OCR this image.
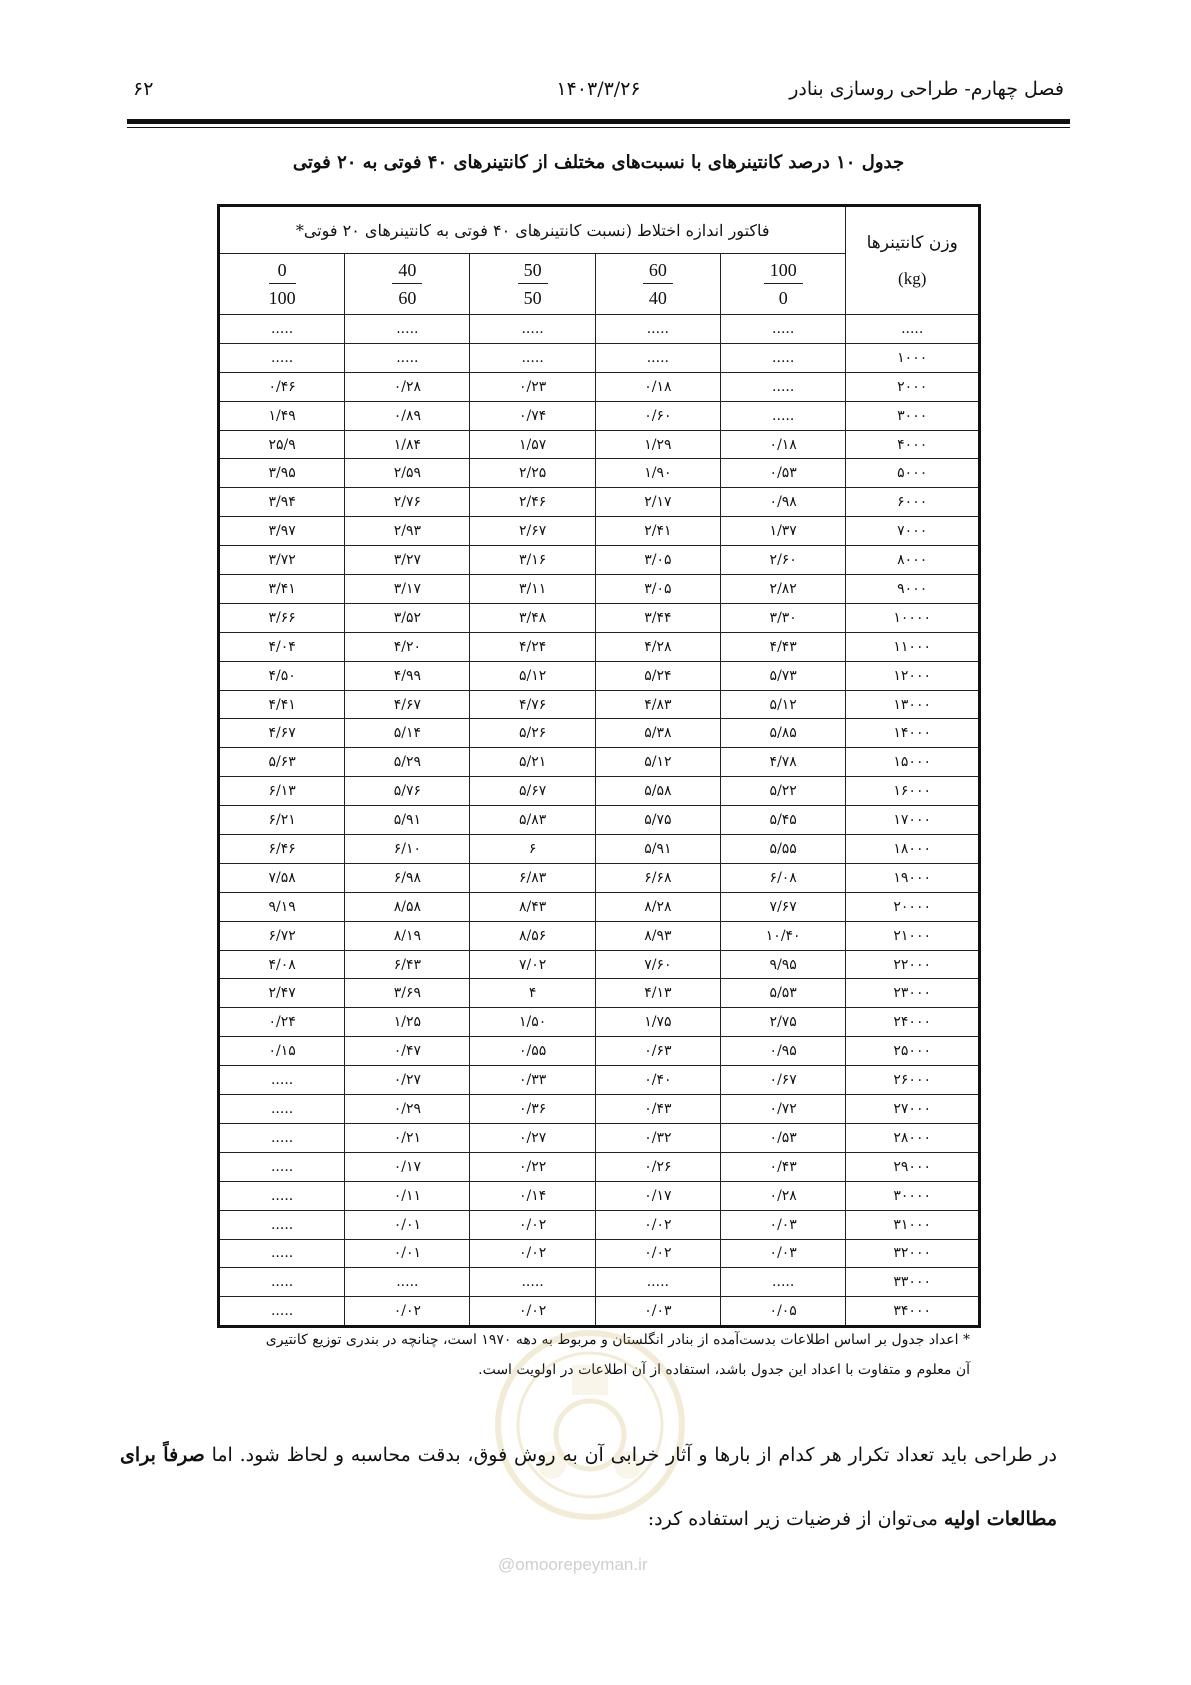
۶۲	۱۴۰۳/۳/۲۶	فصل چهارم- طراحی روسازی بنادر
جدول ۱۰ درصد کانتینرهای با نسبت‌های مختلف از کانتینرهای ۴۰ فوتی به ۲۰ فوتی
وزن کانتینرها
(kg)	فاکتور اندازه اختلاط (نسبت کانتینرهای ۴۰ فوتی به کانتینرهای ۲۰ فوتی*				

	$\frac{100}{0}$	$\frac{60}{40}$	$\frac{50}{50}$	$\frac{40}{60}$	$\frac{0}{100}$

.....	.....	.....	.....	.....	.....
۱۰۰۰	.....	.....	.....	.....	.....
۲۰۰۰	.....	۰/۱۸	۰/۲۳	۰/۲۸	۰/۴۶
۳۰۰۰	.....	۰/۶۰	۰/۷۴	۰/۸۹	۱/۴۹
۴۰۰۰	۰/۱۸	۱/۲۹	۱/۵۷	۱/۸۴	۲۵/۹
۵۰۰۰	۰/۵۳	۱/۹۰	۲/۲۵	۲/۵۹	۳/۹۵
۶۰۰۰	۰/۹۸	۲/۱۷	۲/۴۶	۲/۷۶	۳/۹۴
۷۰۰۰	۱/۳۷	۲/۴۱	۲/۶۷	۲/۹۳	۳/۹۷
۸۰۰۰	۲/۶۰	۳/۰۵	۳/۱۶	۳/۲۷	۳/۷۲
۹۰۰۰	۲/۸۲	۳/۰۵	۳/۱۱	۳/۱۷	۳/۴۱
۱۰۰۰۰	۳/۳۰	۳/۴۴	۳/۴۸	۳/۵۲	۳/۶۶
۱۱۰۰۰	۴/۴۳	۴/۲۸	۴/۲۴	۴/۲۰	۴/۰۴
۱۲۰۰۰	۵/۷۳	۵/۲۴	۵/۱۲	۴/۹۹	۴/۵۰
۱۳۰۰۰	۵/۱۲	۴/۸۳	۴/۷۶	۴/۶۷	۴/۴۱
۱۴۰۰۰	۵/۸۵	۵/۳۸	۵/۲۶	۵/۱۴	۴/۶۷
۱۵۰۰۰	۴/۷۸	۵/۱۲	۵/۲۱	۵/۲۹	۵/۶۳
۱۶۰۰۰	۵/۲۲	۵/۵۸	۵/۶۷	۵/۷۶	۶/۱۳
۱۷۰۰۰	۵/۴۵	۵/۷۵	۵/۸۳	۵/۹۱	۶/۲۱
۱۸۰۰۰	۵/۵۵	۵/۹۱	۶	۶/۱۰	۶/۴۶
۱۹۰۰۰	۶/۰۸	۶/۶۸	۶/۸۳	۶/۹۸	۷/۵۸
۲۰۰۰۰	۷/۶۷	۸/۲۸	۸/۴۳	۸/۵۸	۹/۱۹
۲۱۰۰۰	۱۰/۴۰	۸/۹۳	۸/۵۶	۸/۱۹	۶/۷۲
۲۲۰۰۰	۹/۹۵	۷/۶۰	۷/۰۲	۶/۴۳	۴/۰۸
۲۳۰۰۰	۵/۵۳	۴/۱۳	۴	۳/۶۹	۲/۴۷
۲۴۰۰۰	۲/۷۵	۱/۷۵	۱/۵۰	۱/۲۵	۰/۲۴
۲۵۰۰۰	۰/۹۵	۰/۶۳	۰/۵۵	۰/۴۷	۰/۱۵
۲۶۰۰۰	۰/۶۷	۰/۴۰	۰/۳۳	۰/۲۷	.....
۲۷۰۰۰	۰/۷۲	۰/۴۳	۰/۳۶	۰/۲۹	.....
۲۸۰۰۰	۰/۵۳	۰/۳۲	۰/۲۷	۰/۲۱	.....
۲۹۰۰۰	۰/۴۳	۰/۲۶	۰/۲۲	۰/۱۷	.....
۳۰۰۰۰	۰/۲۸	۰/۱۷	۰/۱۴	۰/۱۱	.....
۳۱۰۰۰	۰/۰۳	۰/۰۲	۰/۰۲	۰/۰۱	.....
۳۲۰۰۰	۰/۰۳	۰/۰۲	۰/۰۲	۰/۰۱	.....
۳۳۰۰۰	.....	.....	.....	.....	.....
۳۴۰۰۰	۰/۰۵	۰/۰۳	۰/۰۲	۰/۰۲	.....
* اعداد جدول بر اساس اطلاعات بدست‌آمده از بنادر انگلستان و مربوط به دهه ۱۹۷۰ است، چنانچه در بندری توزیع کانتیری
آن معلوم و متفاوت با اعداد این جدول باشد، استفاده از آن اطلاعات در اولویت است.
@omoorepeyman.ir
در طراحی باید تعداد تکرار هر کدام از بارها و آثار خرابی آن به روش فوق، بدقت محاسبه و لحاظ شود. اما صرفاً برای مطالعات اولیه می‌توان از فرضیات زیر استفاده کرد:
